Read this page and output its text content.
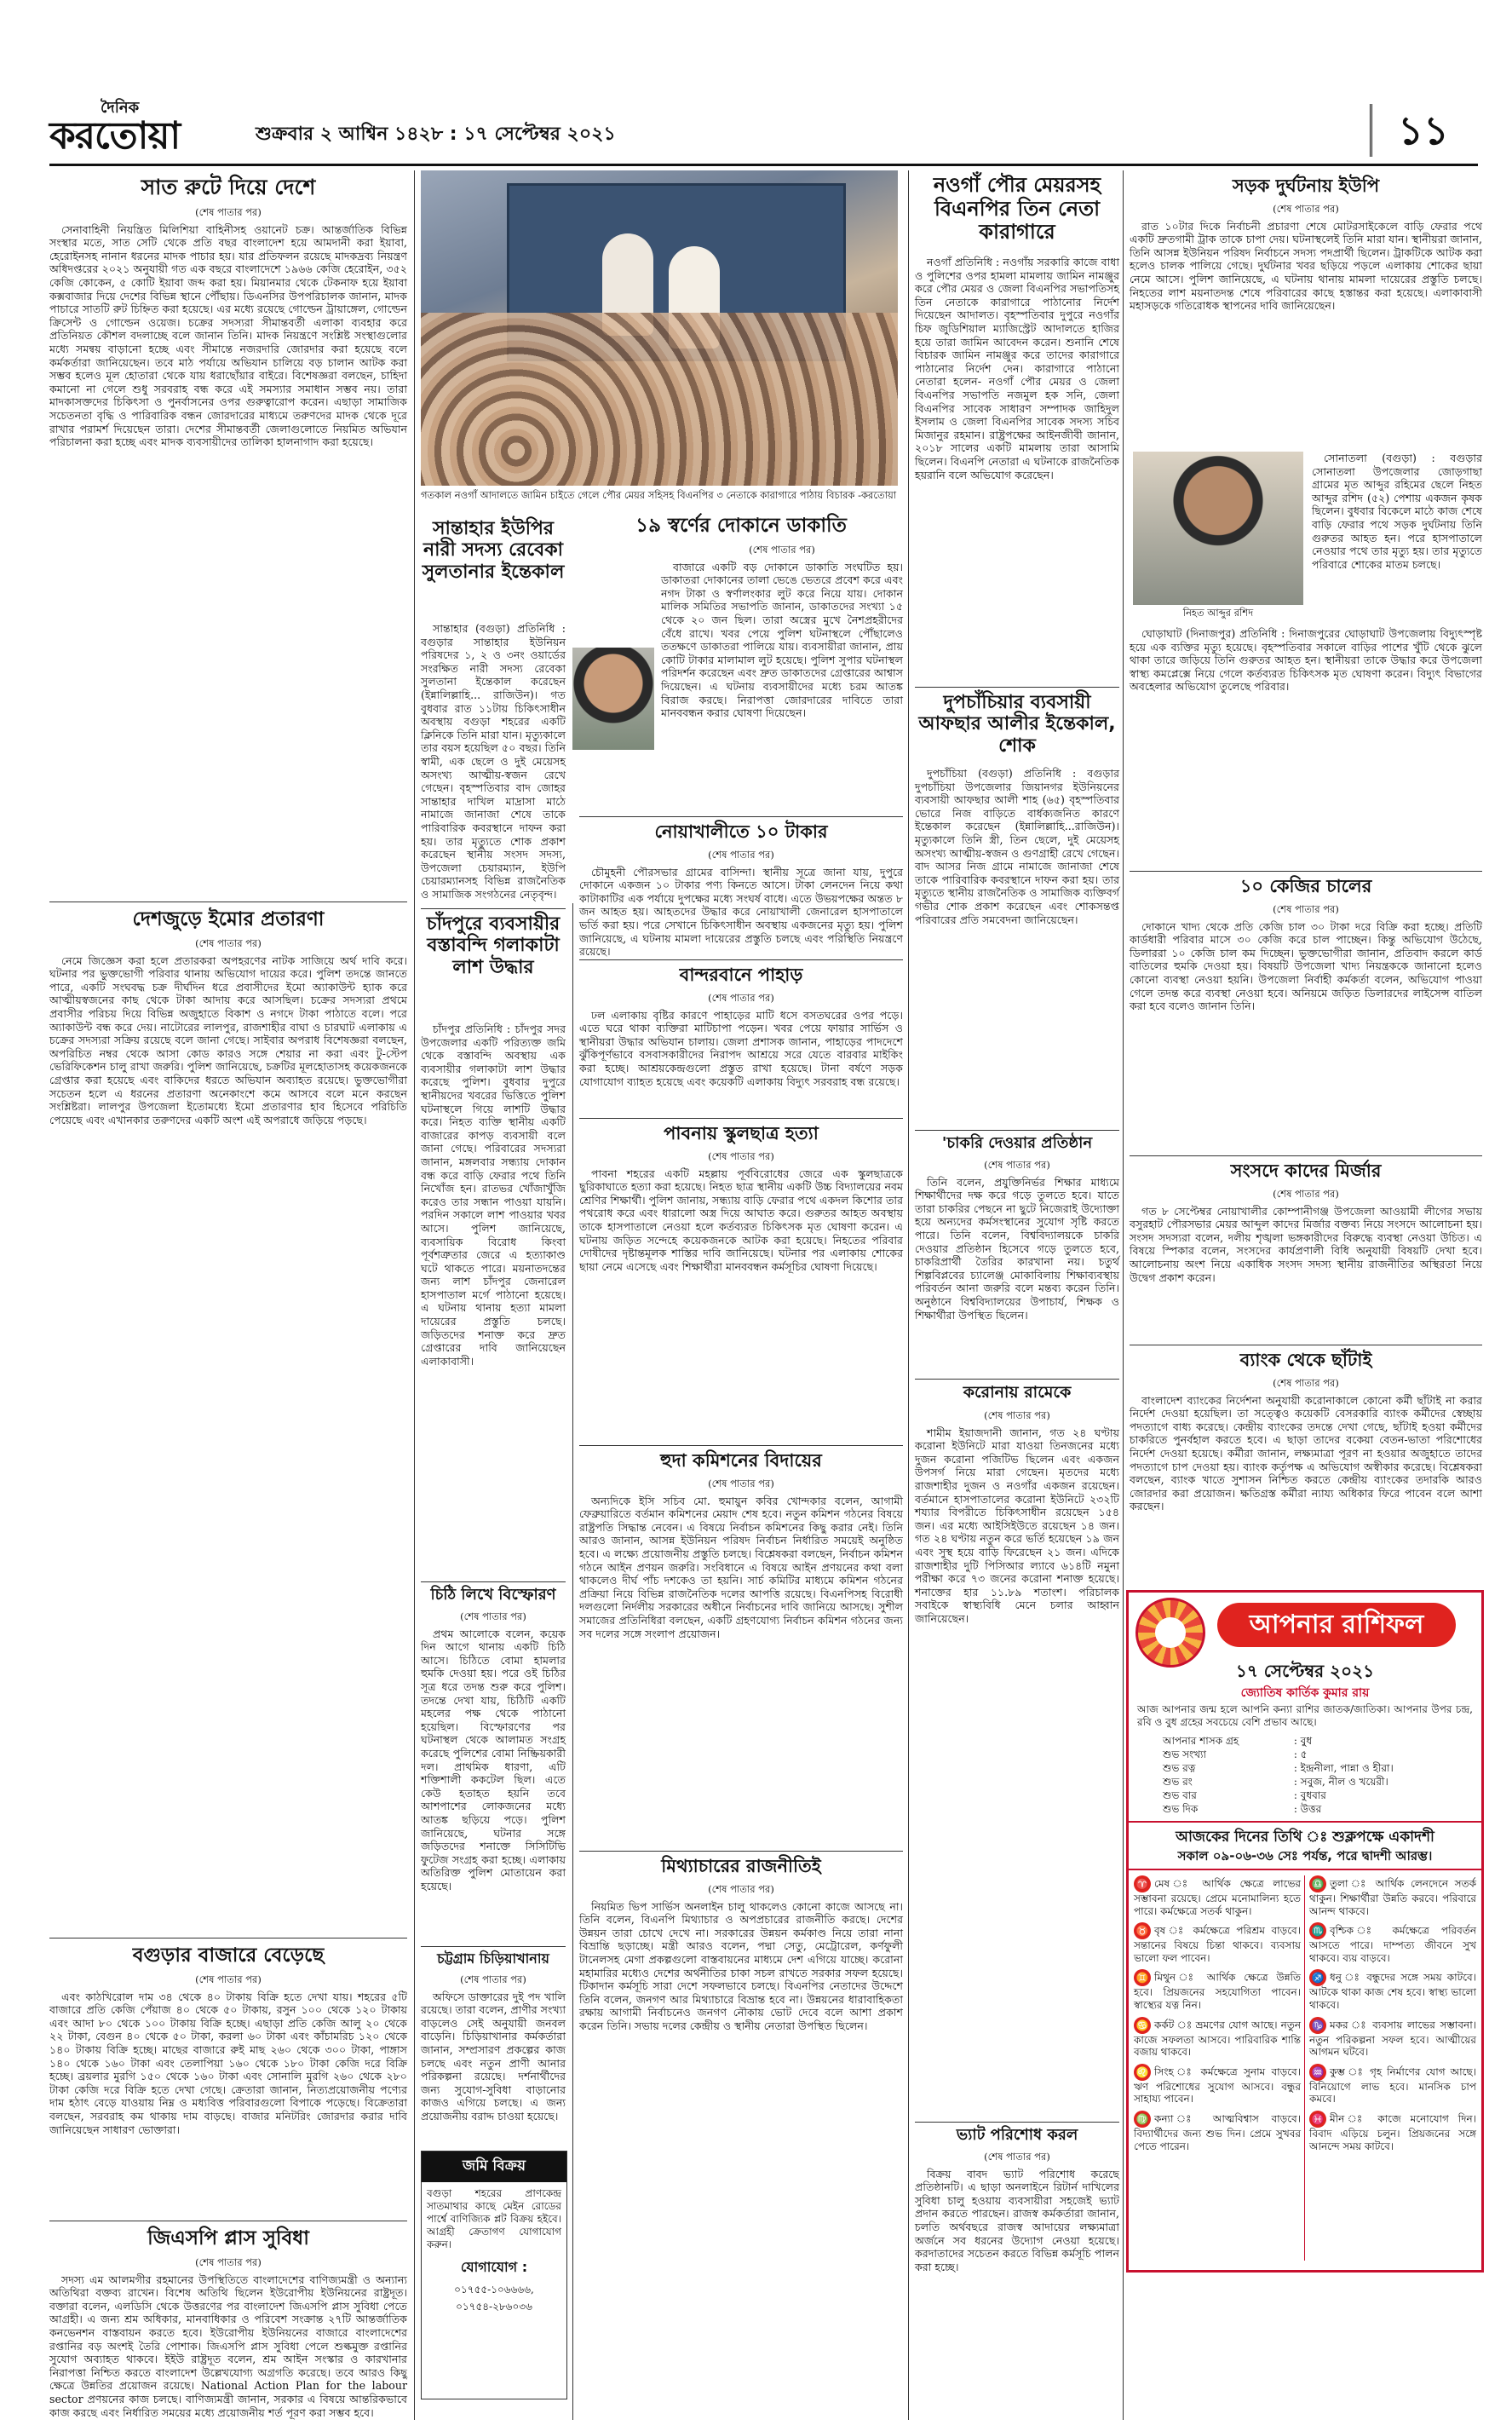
দৈনিক
করতোয়া	শুক্রবার ২ আশ্বিন ১৪২৮ : ১৭ সেপ্টেম্বর ২০২১	১১
সাত রুটে দিয়ে দেশে
(শেষ পাতার পর)

সেনাবাহিনী নিয়ন্ত্রিত মিলিশিয়া বাহিনীসহ ওয়ানেট চক্র। আন্তর্জাতিক বিভিন্ন সংস্থার মতে, সাত সেটি থেকে প্রতি বছর বাংলাদেশ হয়ে আমদানী করা ইয়াবা, হেরোইনসহ নানান ধরনের মাদক পাচার হয়। যার প্রতিফলন রয়েছে মাদকদ্রব্য নিয়ন্ত্রণ অধিদপ্তরের ২০২১ অনুযায়ী গত এক বছরে বাংলাদেশে ১৯৬৬ কেজি হেরোইন, ৩৫২ কেজি কোকেন, ৫ কোটি ইয়াবা জব্দ করা হয়। মিয়ানমার থেকে টেকনাফ হয়ে ইয়াবা কক্সবাজার দিয়ে দেশের বিভিন্ন স্থানে পৌঁছায়। ডিএনসির উপপরিচালক জানান, মাদক পাচারে সাতটি রুট চিহ্নিত করা হয়েছে। এর মধ্যে রয়েছে গোল্ডেন ট্রায়াঙ্গেল, গোল্ডেন ক্রিসেন্ট ও গোল্ডেন ওয়েজ। চক্রের সদস্যরা সীমান্তবর্তী এলাকা ব্যবহার করে প্রতিনিয়ত কৌশল বদলাচ্ছে বলে জানান তিনি। মাদক নিয়ন্ত্রণে সংশ্লিষ্ট সংস্থাগুলোর মধ্যে সমন্বয় বাড়ানো হচ্ছে এবং সীমান্তে নজরদারি জোরদার করা হয়েছে বলে কর্মকর্তারা জানিয়েছেন। তবে মাঠ পর্যায়ে অভিযান চালিয়ে বড় চালান আটক করা সম্ভব হলেও মূল হোতারা থেকে যায় ধরাছোঁয়ার বাইরে। বিশেষজ্ঞরা বলছেন, চাহিদা কমানো না গেলে শুধু সরবরাহ বন্ধ করে এই সমস্যার সমাধান সম্ভব নয়। তারা মাদকাসক্তদের চিকিৎসা ও পুনর্বাসনের ওপর গুরুত্বারোপ করেন। এছাড়া সামাজিক সচেতনতা বৃদ্ধি ও পারিবারিক বন্ধন জোরদারের মাধ্যমে তরুণদের মাদক থেকে দূরে রাখার পরামর্শ দিয়েছেন তারা। দেশের সীমান্তবর্তী জেলাগুলোতে নিয়মিত অভিযান পরিচালনা করা হচ্ছে এবং মাদক ব্যবসায়ীদের তালিকা হালনাগাদ করা হয়েছে।

দেশজুড়ে ইমোর প্রতারণা
(শেষ পাতার পর)

নেমে জিজ্ঞেস করা হলে প্রতারকরা অপহরণের নাটক সাজিয়ে অর্থ দাবি করে। ঘটনার পর ভুক্তভোগী পরিবার থানায় অভিযোগ দায়ের করে। পুলিশ তদন্তে জানতে পারে, একটি সংঘবদ্ধ চক্র দীর্ঘদিন ধরে প্রবাসীদের ইমো অ্যাকাউন্ট হ্যাক করে আত্মীয়স্বজনের কাছ থেকে টাকা আদায় করে আসছিল। চক্রের সদস্যরা প্রথমে প্রবাসীর পরিচয় দিয়ে বিভিন্ন অজুহাতে বিকাশ ও নগদে টাকা পাঠাতে বলে। পরে অ্যাকাউন্ট বন্ধ করে দেয়। নাটোরের লালপুর, রাজশাহীর বাঘা ও চারঘাট এলাকায় এ চক্রের সদস্যরা সক্রিয় রয়েছে বলে জানা গেছে। সাইবার অপরাধ বিশেষজ্ঞরা বলছেন, অপরিচিত নম্বর থেকে আসা কোড কারও সঙ্গে শেয়ার না করা এবং টু-স্টেপ ভেরিফিকেশন চালু রাখা জরুরি। পুলিশ জানিয়েছে, চক্রটির মূলহোতাসহ কয়েকজনকে গ্রেপ্তার করা হয়েছে এবং বাকিদের ধরতে অভিযান অব্যাহত রয়েছে। ভুক্তভোগীরা সচেতন হলে এ ধরনের প্রতারণা অনেকাংশে কমে আসবে বলে মনে করছেন সংশ্লিষ্টরা। লালপুর উপজেলা ইতোমধ্যে ইমো প্রতারণার হাব হিসেবে পরিচিতি পেয়েছে এবং এখানকার তরুণদের একটি অংশ এই অপরাধে জড়িয়ে পড়ছে।

বগুড়ার বাজারে বেড়েছে
(শেষ পাতার পর)

এবং কাঠখিরোল দাম ৩৪ থেকে ৪০ টাকায় বিক্রি হতে দেখা যায়। শহরের ৫টি বাজারে প্রতি কেজি পেঁয়াজ ৪০ থেকে ৫০ টাকায়, রসুন ১০০ থেকে ১২০ টাকায় এবং আদা ৮০ থেকে ১০০ টাকায় বিক্রি হচ্ছে। এছাড়া প্রতি কেজি আলু ২০ থেকে ২২ টাকা, বেগুন ৪০ থেকে ৫০ টাকা, করলা ৬০ টাকা এবং কাঁচামরিচ ১২০ থেকে ১৪০ টাকায় বিক্রি হচ্ছে। মাছের বাজারে রুই মাছ ২৬০ থেকে ৩০০ টাকা, পাঙ্গাস ১৪০ থেকে ১৬০ টাকা এবং তেলাপিয়া ১৬০ থেকে ১৮০ টাকা কেজি দরে বিক্রি হচ্ছে। ব্রয়লার মুরগি ১৫০ থেকে ১৬০ টাকা এবং সোনালি মুরগি ২৬০ থেকে ২৮০ টাকা কেজি দরে বিক্রি হতে দেখা গেছে। ক্রেতারা জানান, নিত্যপ্রয়োজনীয় পণ্যের দাম হঠাৎ বেড়ে যাওয়ায় নিম্ন ও মধ্যবিত্ত পরিবারগুলো বিপাকে পড়েছে। বিক্রেতারা বলছেন, সরবরাহ কম থাকায় দাম বাড়ছে। বাজার মনিটরিং জোরদার করার দাবি জানিয়েছেন সাধারণ ভোক্তারা।

জিএসপি প্লাস সুবিধা
(শেষ পাতার পর)

সদস্য এম আলমগীর রহমানের উপস্থিতিতে বাংলাদেশের বাণিজ্যমন্ত্রী ও অন্যান্য অতিথিরা বক্তব্য রাখেন। বিশেষ অতিথি ছিলেন ইউরোপীয় ইউনিয়নের রাষ্ট্রদূত। বক্তারা বলেন, এলডিসি থেকে উত্তরণের পর বাংলাদেশ জিএসপি প্লাস সুবিধা পেতে আগ্রহী। এ জন্য শ্রম অধিকার, মানবাধিকার ও পরিবেশ সংক্রান্ত ২৭টি আন্তর্জাতিক কনভেনশন বাস্তবায়ন করতে হবে। ইউরোপীয় ইউনিয়নের বাজারে বাংলাদেশের রপ্তানির বড় অংশই তৈরি পোশাক। জিএসপি প্লাস সুবিধা পেলে শুল্কমুক্ত রপ্তানির সুযোগ অব্যাহত থাকবে। ইইউ রাষ্ট্রদূত বলেন, শ্রম আইন সংস্কার ও কারখানার নিরাপত্তা নিশ্চিত করতে বাংলাদেশ উল্লেখযোগ্য অগ্রগতি করেছে। তবে আরও কিছু ক্ষেত্রে উন্নতির প্রয়োজন রয়েছে। National Action Plan for the labour sector প্রণয়নের কাজ চলছে। বাণিজ্যমন্ত্রী জানান, সরকার এ বিষয়ে আন্তরিকভাবে কাজ করছে এবং নির্ধারিত সময়ের মধ্যে প্রয়োজনীয় শর্ত পূরণ করা সম্ভব হবে।

গতকাল নওগাঁ আদালতে জামিন চাইতে গেলে পৌর মেয়র সহিসহ বিএনপির ৩ নেতাকে কারাগারে পাঠায় বিচারক -করতোয়া
সান্তাহার ইউপির নারী সদস্য রেবেকা সুলতানার ইন্তেকাল

সান্তাহার (বগুড়া) প্রতিনিধি : বগুড়ার সান্তাহার ইউনিয়ন পরিষদের ১, ২ ও ৩নং ওয়ার্ডের সংরক্ষিত নারী সদস্য রেবেকা সুলতানা ইন্তেকাল করেছেন (ইন্নালিল্লাহি... রাজিউন)। গত বুধবার রাত ১১টায় চিকিৎসাধীন অবস্থায় বগুড়া শহরের একটি ক্লিনিকে তিনি মারা যান। মৃত্যুকালে তার বয়স হয়েছিল ৫০ বছর। তিনি স্বামী, এক ছেলে ও দুই মেয়েসহ অসংখ্য আত্মীয়-স্বজন রেখে গেছেন। বৃহস্পতিবার বাদ জোহর সান্তাহার দাখিল মাদ্রাসা মাঠে নামাজে জানাজা শেষে তাকে পারিবারিক কবরস্থানে দাফন করা হয়। তার মৃত্যুতে শোক প্রকাশ করেছেন স্থানীয় সংসদ সদস্য, উপজেলা চেয়ারম্যান, ইউপি চেয়ারম্যানসহ বিভিন্ন রাজনৈতিক ও সামাজিক সংগঠনের নেতৃবৃন্দ।

চাঁদপুরে ব্যবসায়ীর বস্তাবন্দি গলাকাটা লাশ উদ্ধার

চাঁদপুর প্রতিনিধি : চাঁদপুর সদর উপজেলার একটি পরিত্যক্ত জমি থেকে বস্তাবন্দি অবস্থায় এক ব্যবসায়ীর গলাকাটা লাশ উদ্ধার করেছে পুলিশ। বুধবার দুপুরে স্থানীয়দের খবরের ভিত্তিতে পুলিশ ঘটনাস্থলে গিয়ে লাশটি উদ্ধার করে। নিহত ব্যক্তি স্থানীয় একটি বাজারের কাপড় ব্যবসায়ী বলে জানা গেছে। পরিবারের সদস্যরা জানান, মঙ্গলবার সন্ধ্যায় দোকান বন্ধ করে বাড়ি ফেরার পথে তিনি নিখোঁজ হন। রাতভর খোঁজাখুঁজি করেও তার সন্ধান পাওয়া যায়নি। পরদিন সকালে লাশ পাওয়ার খবর আসে। পুলিশ জানিয়েছে, ব্যবসায়িক বিরোধ কিংবা পূর্বশত্রুতার জেরে এ হত্যাকাণ্ড ঘটে থাকতে পারে। ময়নাতদন্তের জন্য লাশ চাঁদপুর জেনারেল হাসপাতাল মর্গে পাঠানো হয়েছে। এ ঘটনায় থানায় হত্যা মামলা দায়েরের প্রস্তুতি চলছে। জড়িতদের শনাক্ত করে দ্রুত গ্রেপ্তারের দাবি জানিয়েছেন এলাকাবাসী।

চিঠি লিখে বিস্ফোরণ
(শেষ পাতার পর)

প্রথম আলোকে বলেন, কয়েক দিন আগে থানায় একটি চিঠি আসে। চিঠিতে বোমা হামলার হুমকি দেওয়া হয়। পরে ওই চিঠির সূত্র ধরে তদন্ত শুরু করে পুলিশ। তদন্তে দেখা যায়, চিঠিটি একটি মহলের পক্ষ থেকে পাঠানো হয়েছিল। বিস্ফোরণের পর ঘটনাস্থল থেকে আলামত সংগ্রহ করেছে পুলিশের বোমা নিষ্ক্রিয়কারী দল। প্রাথমিক ধারণা, এটি শক্তিশালী ককটেল ছিল। এতে কেউ হতাহত হয়নি তবে আশপাশের লোকজনের মধ্যে আতঙ্ক ছড়িয়ে পড়ে। পুলিশ জানিয়েছে, ঘটনার সঙ্গে জড়িতদের শনাক্তে সিসিটিভি ফুটেজ সংগ্রহ করা হচ্ছে। এলাকায় অতিরিক্ত পুলিশ মোতায়েন করা হয়েছে।

চট্টগ্রাম চিড়িয়াখানায়
(শেষ পাতার পর)

অফিসে ডাক্তারের দুই পদ খালি রয়েছে। তারা বলেন, প্রাণীর সংখ্যা বাড়লেও সেই অনুযায়ী জনবল বাড়েনি। চিড়িয়াখানার কর্মকর্তারা জানান, সম্প্রসারণ প্রকল্পের কাজ চলছে এবং নতুন প্রাণী আনার পরিকল্পনা রয়েছে। দর্শনার্থীদের জন্য সুযোগ-সুবিধা বাড়ানোর কাজও এগিয়ে চলছে। এ জন্য প্রয়োজনীয় বরাদ্দ চাওয়া হয়েছে।

জমি বিক্রয়
বগুড়া শহরের প্রাণকেন্দ্র সাতমাথার কাছে মেইন রোডের পার্শ্বে বাণিজ্যিক প্লট বিক্রয় হইবে। আগ্রহী ক্রেতাগণ যোগাযোগ করুন।
যোগাযোগ :
০১৭৫৫-১০৬৬৬৬, ০১৭৫৪-২৮৬০৩৬
১৯ স্বর্ণের দোকানে ডাকাতি
(শেষ পাতার পর)

বাজারে একটি বড় দোকানে ডাকাতি সংঘটিত হয়। ডাকাতরা দোকানের তালা ভেঙে ভেতরে প্রবেশ করে এবং নগদ টাকা ও স্বর্ণালংকার লুট করে নিয়ে যায়। দোকান মালিক সমিতির সভাপতি জানান, ডাকাতদের সংখ্যা ১৫ থেকে ২০ জন ছিল। তারা অস্ত্রের মুখে নৈশপ্রহরীদের বেঁধে রাখে। খবর পেয়ে পুলিশ ঘটনাস্থলে পৌঁছালেও ততক্ষণে ডাকাতরা পালিয়ে যায়। ব্যবসায়ীরা জানান, প্রায় কোটি টাকার মালামাল লুট হয়েছে। পুলিশ সুপার ঘটনাস্থল পরিদর্শন করেছেন এবং দ্রুত ডাকাতদের গ্রেপ্তারের আশ্বাস দিয়েছেন। এ ঘটনায় ব্যবসায়ীদের মধ্যে চরম আতঙ্ক বিরাজ করছে। নিরাপত্তা জোরদারের দাবিতে তারা মানববন্ধন করার ঘোষণা দিয়েছেন।

নোয়াখালীতে ১০ টাকার
(শেষ পাতার পর)

চৌমুহনী পৌরসভার গ্রামের বাসিন্দা। স্থানীয় সূত্রে জানা যায়, দুপুরে দোকানে একজন ১০ টাকার পণ্য কিনতে আসে। টাকা লেনদেন নিয়ে কথা কাটাকাটির এক পর্যায়ে দুপক্ষের মধ্যে সংঘর্ষ বাধে। এতে উভয়পক্ষের অন্তত ৮ জন আহত হয়। আহতদের উদ্ধার করে নোয়াখালী জেনারেল হাসপাতালে ভর্তি করা হয়। পরে সেখানে চিকিৎসাধীন অবস্থায় একজনের মৃত্যু হয়। পুলিশ জানিয়েছে, এ ঘটনায় মামলা দায়েরের প্রস্তুতি চলছে এবং পরিস্থিতি নিয়ন্ত্রণে রয়েছে।

বান্দরবানে পাহাড়
(শেষ পাতার পর)

ঢল এলাকায় বৃষ্টির কারণে পাহাড়ের মাটি ধসে বসতঘরের ওপর পড়ে। এতে ঘরে থাকা ব্যক্তিরা মাটিচাপা পড়েন। খবর পেয়ে ফায়ার সার্ভিস ও স্থানীয়রা উদ্ধার অভিযান চালায়। জেলা প্রশাসক জানান, পাহাড়ের পাদদেশে ঝুঁকিপূর্ণভাবে বসবাসকারীদের নিরাপদ আশ্রয়ে সরে যেতে বারবার মাইকিং করা হচ্ছে। আশ্রয়কেন্দ্রগুলো প্রস্তুত রাখা হয়েছে। টানা বর্ষণে সড়ক যোগাযোগ ব্যাহত হয়েছে এবং কয়েকটি এলাকায় বিদ্যুৎ সরবরাহ বন্ধ রয়েছে।

পাবনায় স্কুলছাত্র হত্যা
(শেষ পাতার পর)

পাবনা শহরের একটি মহল্লায় পূর্ববিরোধের জেরে এক স্কুলছাত্রকে ছুরিকাঘাতে হত্যা করা হয়েছে। নিহত ছাত্র স্থানীয় একটি উচ্চ বিদ্যালয়ের নবম শ্রেণির শিক্ষার্থী। পুলিশ জানায়, সন্ধ্যায় বাড়ি ফেরার পথে একদল কিশোর তার পথরোধ করে এবং ধারালো অস্ত্র দিয়ে আঘাত করে। গুরুতর আহত অবস্থায় তাকে হাসপাতালে নেওয়া হলে কর্তব্যরত চিকিৎসক মৃত ঘোষণা করেন। এ ঘটনায় জড়িত সন্দেহে কয়েকজনকে আটক করা হয়েছে। নিহতের পরিবার দোষীদের দৃষ্টান্তমূলক শাস্তির দাবি জানিয়েছে। ঘটনার পর এলাকায় শোকের ছায়া নেমে এসেছে এবং শিক্ষার্থীরা মানববন্ধন কর্মসূচির ঘোষণা দিয়েছে।

হুদা কমিশনের বিদায়ের
(শেষ পাতার পর)

অন্যদিকে ইসি সচিব মো. হুমায়ুন কবির খোন্দকার বলেন, আগামী ফেব্রুয়ারিতে বর্তমান কমিশনের মেয়াদ শেষ হবে। নতুন কমিশন গঠনের বিষয়ে রাষ্ট্রপতি সিদ্ধান্ত নেবেন। এ বিষয়ে নির্বাচন কমিশনের কিছু করার নেই। তিনি আরও জানান, আসন্ন ইউনিয়ন পরিষদ নির্বাচন নির্ধারিত সময়েই অনুষ্ঠিত হবে। এ লক্ষ্যে প্রয়োজনীয় প্রস্তুতি চলছে। বিশ্লেষকরা বলছেন, নির্বাচন কমিশন গঠনে আইন প্রণয়ন জরুরি। সংবিধানে এ বিষয়ে আইন প্রণয়নের কথা বলা থাকলেও দীর্ঘ পাঁচ দশকেও তা হয়নি। সার্চ কমিটির মাধ্যমে কমিশন গঠনের প্রক্রিয়া নিয়ে বিভিন্ন রাজনৈতিক দলের আপত্তি রয়েছে। বিএনপিসহ বিরোধী দলগুলো নির্দলীয় সরকারের অধীনে নির্বাচনের দাবি জানিয়ে আসছে। সুশীল সমাজের প্রতিনিধিরা বলছেন, একটি গ্রহণযোগ্য নির্বাচন কমিশন গঠনের জন্য সব দলের সঙ্গে সংলাপ প্রয়োজন।

মিথ্যাচারের রাজনীতিই
(শেষ পাতার পর)

নিয়মিত ভিপ সার্ভিস অনলাইন চালু থাকলেও কোনো কাজে আসছে না। তিনি বলেন, বিএনপি মিথ্যাচার ও অপপ্রচারের রাজনীতি করছে। দেশের উন্নয়ন তারা চোখে দেখে না। সরকারের উন্নয়ন কর্মকাণ্ড নিয়ে তারা নানা বিভ্রান্তি ছড়াচ্ছে। মন্ত্রী আরও বলেন, পদ্মা সেতু, মেট্রোরেল, কর্ণফুলী টানেলসহ মেগা প্রকল্পগুলো বাস্তবায়নের মাধ্যমে দেশ এগিয়ে যাচ্ছে। করোনা মহামারির মধ্যেও দেশের অর্থনীতির চাকা সচল রাখতে সরকার সফল হয়েছে। টিকাদান কর্মসূচি সারা দেশে সফলভাবে চলছে। বিএনপির নেতাদের উদ্দেশে তিনি বলেন, জনগণ আর মিথ্যাচারে বিভ্রান্ত হবে না। উন্নয়নের ধারাবাহিকতা রক্ষায় আগামী নির্বাচনেও জনগণ নৌকায় ভোট দেবে বলে আশা প্রকাশ করেন তিনি। সভায় দলের কেন্দ্রীয় ও স্থানীয় নেতারা উপস্থিত ছিলেন।

নওগাঁ পৌর মেয়রসহ বিএনপির তিন নেতা কারাগারে

নওগাঁ প্রতিনিধি : নওগাঁয় সরকারি কাজে বাধা ও পুলিশের ওপর হামলা মামলায় জামিন নামঞ্জুর করে পৌর মেয়র ও জেলা বিএনপির সভাপতিসহ তিন নেতাকে কারাগারে পাঠানোর নির্দেশ দিয়েছেন আদালত। বৃহস্পতিবার দুপুরে নওগাঁর চিফ জুডিশিয়াল ম্যাজিস্ট্রেট আদালতে হাজির হয়ে তারা জামিন আবেদন করেন। শুনানি শেষে বিচারক জামিন নামঞ্জুর করে তাদের কারাগারে পাঠানোর নির্দেশ দেন। কারাগারে পাঠানো নেতারা হলেন- নওগাঁ পৌর মেয়র ও জেলা বিএনপির সভাপতি নজমুল হক সনি, জেলা বিএনপির সাবেক সাধারণ সম্পাদক জাহিদুল ইসলাম ও জেলা বিএনপির সাবেক সদস্য সচিব মিজানুর রহমান। রাষ্ট্রপক্ষের আইনজীবী জানান, ২০১৮ সালের একটি মামলায় তারা আসামি ছিলেন। বিএনপি নেতারা এ ঘটনাকে রাজনৈতিক হয়রানি বলে অভিযোগ করেছেন।

দুপচাঁচিয়ার ব্যবসায়ী আফছার আলীর ইন্তেকাল, শোক

দুপচাঁচিয়া (বগুড়া) প্রতিনিধি : বগুড়ার দুপচাঁচিয়া উপজেলার জিয়ানগর ইউনিয়নের ব্যবসায়ী আফছার আলী শাহ (৬৫) বৃহস্পতিবার ভোরে নিজ বাড়িতে বার্ধক্যজনিত কারণে ইন্তেকাল করেছেন (ইন্নালিল্লাহি...রাজিউন)। মৃত্যুকালে তিনি স্ত্রী, তিন ছেলে, দুই মেয়েসহ অসংখ্য আত্মীয়-স্বজন ও গুণগ্রাহী রেখে গেছেন। বাদ আসর নিজ গ্রামে নামাজে জানাজা শেষে তাকে পারিবারিক কবরস্থানে দাফন করা হয়। তার মৃত্যুতে স্থানীয় রাজনৈতিক ও সামাজিক ব্যক্তিবর্গ গভীর শোক প্রকাশ করেছেন এবং শোকসন্তপ্ত পরিবারের প্রতি সমবেদনা জানিয়েছেন।

'চাকরি দেওয়ার প্রতিষ্ঠান
(শেষ পাতার পর)

তিনি বলেন, প্রযুক্তিনির্ভর শিক্ষার মাধ্যমে শিক্ষার্থীদের দক্ষ করে গড়ে তুলতে হবে। যাতে তারা চাকরির পেছনে না ছুটে নিজেরাই উদ্যোক্তা হয়ে অন্যদের কর্মসংস্থানের সুযোগ সৃষ্টি করতে পারে। তিনি বলেন, বিশ্ববিদ্যালয়কে চাকরি দেওয়ার প্রতিষ্ঠান হিসেবে গড়ে তুলতে হবে, চাকরিপ্রার্থী তৈরির কারখানা নয়। চতুর্থ শিল্পবিপ্লবের চ্যালেঞ্জ মোকাবিলায় শিক্ষাব্যবস্থায় পরিবর্তন আনা জরুরি বলে মন্তব্য করেন তিনি। অনুষ্ঠানে বিশ্ববিদ্যালয়ের উপাচার্য, শিক্ষক ও শিক্ষার্থীরা উপস্থিত ছিলেন।

করোনায় রামেকে
(শেষ পাতার পর)

শামীম ইয়াজদানী জানান, গত ২৪ ঘণ্টায় করোনা ইউনিটে মারা যাওয়া তিনজনের মধ্যে দুজন করোনা পজিটিভ ছিলেন এবং একজন উপসর্গ নিয়ে মারা গেছেন। মৃতদের মধ্যে রাজশাহীর দুজন ও নওগাঁর একজন রয়েছেন। বর্তমানে হাসপাতালের করোনা ইউনিটে ২৩২টি শয্যার বিপরীতে চিকিৎসাধীন রয়েছেন ১৫৪ জন। এর মধ্যে আইসিইউতে রয়েছেন ১৪ জন। গত ২৪ ঘণ্টায় নতুন করে ভর্তি হয়েছেন ১৯ জন এবং সুস্থ হয়ে বাড়ি ফিরেছেন ২১ জন। এদিকে রাজশাহীর দুটি পিসিআর ল্যাবে ৬১৪টি নমুনা পরীক্ষা করে ৭৩ জনের করোনা শনাক্ত হয়েছে। শনাক্তের হার ১১.৮৯ শতাংশ। পরিচালক সবাইকে স্বাস্থ্যবিধি মেনে চলার আহ্বান জানিয়েছেন।

ভ্যাট পরিশোধ করল
(শেষ পাতার পর)

বিক্রয় বাবদ ভ্যাট পরিশোধ করেছে প্রতিষ্ঠানটি। এ ছাড়া অনলাইনে রিটার্ন দাখিলের সুবিধা চালু হওয়ায় ব্যবসায়ীরা সহজেই ভ্যাট প্রদান করতে পারছেন। রাজস্ব কর্মকর্তারা জানান, চলতি অর্থবছরে রাজস্ব আদায়ের লক্ষ্যমাত্রা অর্জনে সব ধরনের উদ্যোগ নেওয়া হয়েছে। করদাতাদের সচেতন করতে বিভিন্ন কর্মসূচি পালন করা হচ্ছে।

সড়ক দুর্ঘটনায় ইউপি
(শেষ পাতার পর)

রাত ১০টার দিকে নির্বাচনী প্রচারণা শেষে মোটরসাইকেলে বাড়ি ফেরার পথে একটি দ্রুতগামী ট্রাক তাকে চাপা দেয়। ঘটনাস্থলেই তিনি মারা যান। স্থানীয়রা জানান, তিনি আসন্ন ইউনিয়ন পরিষদ নির্বাচনে সদস্য পদপ্রার্থী ছিলেন। ট্রাকটিকে আটক করা হলেও চালক পালিয়ে গেছে। দুর্ঘটনার খবর ছড়িয়ে পড়লে এলাকায় শোকের ছায়া নেমে আসে। পুলিশ জানিয়েছে, এ ঘটনায় থানায় মামলা দায়েরের প্রস্তুতি চলছে। নিহতের লাশ ময়নাতদন্ত শেষে পরিবারের কাছে হস্তান্তর করা হয়েছে। এলাকাবাসী মহাসড়কে গতিরোধক স্থাপনের দাবি জানিয়েছেন।

সোনাতলা (বগুড়া) : বগুড়ার সোনাতলা উপজেলার জোড়গাছা গ্রামের মৃত আব্দুর রহিমের ছেলে নিহত আব্দুর রশিদ (৫২) পেশায় একজন কৃষক ছিলেন। বুধবার বিকেলে মাঠে কাজ শেষে বাড়ি ফেরার পথে সড়ক দুর্ঘটনায় তিনি গুরুতর আহত হন। পরে হাসপাতালে নেওয়ার পথে তার মৃত্যু হয়। তার মৃত্যুতে পরিবারে শোকের মাতম চলছে।

নিহত আব্দুর রশিদ

ঘোড়াঘাট (দিনাজপুর) প্রতিনিধি : দিনাজপুরের ঘোড়াঘাট উপজেলায় বিদ্যুৎস্পৃষ্ট হয়ে এক ব্যক্তির মৃত্যু হয়েছে। বৃহস্পতিবার সকালে বাড়ির পাশের খুঁটি থেকে ঝুলে থাকা তারে জড়িয়ে তিনি গুরুতর আহত হন। স্থানীয়রা তাকে উদ্ধার করে উপজেলা স্বাস্থ্য কমপ্লেক্সে নিয়ে গেলে কর্তব্যরত চিকিৎসক মৃত ঘোষণা করেন। বিদ্যুৎ বিভাগের অবহেলার অভিযোগ তুলেছে পরিবার।

১০ কেজির চালের
(শেষ পাতার পর)

দোকানে খাদ্য থেকে প্রতি কেজি চাল ৩০ টাকা দরে বিক্রি করা হচ্ছে। প্রতিটি কার্ডধারী পরিবার মাসে ৩০ কেজি করে চাল পাচ্ছেন। কিন্তু অভিযোগ উঠেছে, ডিলাররা ১০ কেজি চাল কম দিচ্ছেন। ভুক্তভোগীরা জানান, প্রতিবাদ করলে কার্ড বাতিলের হুমকি দেওয়া হয়। বিষয়টি উপজেলা খাদ্য নিয়ন্ত্রককে জানানো হলেও কোনো ব্যবস্থা নেওয়া হয়নি। উপজেলা নির্বাহী কর্মকর্তা বলেন, অভিযোগ পাওয়া গেলে তদন্ত করে ব্যবস্থা নেওয়া হবে। অনিয়মে জড়িত ডিলারদের লাইসেন্স বাতিল করা হবে বলেও জানান তিনি।

সংসদে কাদের মির্জার
(শেষ পাতার পর)

গত ৮ সেপ্টেম্বর নোয়াখালীর কোম্পানীগঞ্জ উপজেলা আওয়ামী লীগের সভায় বসুরহাট পৌরসভার মেয়র আব্দুল কাদের মির্জার বক্তব্য নিয়ে সংসদে আলোচনা হয়। সংসদ সদস্যরা বলেন, দলীয় শৃঙ্খলা ভঙ্গকারীদের বিরুদ্ধে ব্যবস্থা নেওয়া উচিত। এ বিষয়ে স্পিকার বলেন, সংসদের কার্যপ্রণালী বিধি অনুযায়ী বিষয়টি দেখা হবে। আলোচনায় অংশ নিয়ে একাধিক সংসদ সদস্য স্থানীয় রাজনীতির অস্থিরতা নিয়ে উদ্বেগ প্রকাশ করেন।

ব্যাংক থেকে ছাঁটাই
(শেষ পাতার পর)

বাংলাদেশ ব্যাংকের নির্দেশনা অনুযায়ী করোনাকালে কোনো কর্মী ছাঁটাই না করার নির্দেশ দেওয়া হয়েছিল। তা সত্ত্বেও কয়েকটি বেসরকারি ব্যাংক কর্মীদের স্বেচ্ছায় পদত্যাগে বাধ্য করেছে। কেন্দ্রীয় ব্যাংকের তদন্তে দেখা গেছে, ছাঁটাই হওয়া কর্মীদের চাকরিতে পুনর্বহাল করতে হবে। এ ছাড়া তাদের বকেয়া বেতন-ভাতা পরিশোধের নির্দেশ দেওয়া হয়েছে। কর্মীরা জানান, লক্ষ্যমাত্রা পূরণ না হওয়ার অজুহাতে তাদের পদত্যাগে চাপ দেওয়া হয়। ব্যাংক কর্তৃপক্ষ এ অভিযোগ অস্বীকার করেছে। বিশ্লেষকরা বলছেন, ব্যাংক খাতে সুশাসন নিশ্চিত করতে কেন্দ্রীয় ব্যাংকের তদারকি আরও জোরদার করা প্রয়োজন। ক্ষতিগ্রস্ত কর্মীরা ন্যায্য অধিকার ফিরে পাবেন বলে আশা করছেন।

আপনার রাশিফল
১৭ সেপ্টেম্বর ২০২১
জ্যোতিষ কার্তিক কুমার রায়
আজ আপনার জন্ম হলে আপনি কন্যা রাশির জাতক/জাতিকা। আপনার উপর চন্দ্র, রবি ও বুধ গ্রহের সবচেয়ে বেশি প্রভাব আছে।
আপনার শাসক গ্রহ	: বুধ
শুভ সংখ্যা	: ৫
শুভ রত্ন	: ইন্দ্রনীলা, পান্না ও হীরা।
শুভ রং	: সবুজ, নীল ও খয়েরী।
শুভ বার	: বুধবার
শুভ দিক	: উত্তর
আজকের দিনের তিথি ঃ শুক্লপক্ষে একাদশী
সকাল ০৯-০৬-৩৬ সেঃ পর্যন্ত, পরে দ্বাদশী আরম্ভ।
♈ মেষ ঃ আর্থিক ক্ষেত্রে লাভের সম্ভাবনা রয়েছে। প্রেমে মনোমালিন্য হতে পারে। কর্মক্ষেত্রে সতর্ক থাকুন।
♉ বৃষ ঃ কর্মক্ষেত্রে পরিশ্রম বাড়বে। সন্তানের বিষয়ে চিন্তা থাকবে। ব্যবসায় ভালো ফল পাবেন।
♊ মিথুন ঃ আর্থিক ক্ষেত্রে উন্নতি হবে। প্রিয়জনের সহযোগিতা পাবেন। স্বাস্থ্যের যত্ন নিন।
♋ কর্কট ঃ ভ্রমণের যোগ আছে। নতুন কাজে সফলতা আসবে। পারিবারিক শান্তি বজায় থাকবে।
♌ সিংহ ঃ কর্মক্ষেত্রে সুনাম বাড়বে। ঋণ পরিশোধের সুযোগ আসবে। বন্ধুর সাহায্য পাবেন।
♍ কন্যা ঃ আত্মবিশ্বাস বাড়বে। বিদ্যার্থীদের জন্য শুভ দিন। প্রেমে সুখবর পেতে পারেন।
♎ তুলা ঃ আর্থিক লেনদেনে সতর্ক থাকুন। শিক্ষার্থীরা উন্নতি করবে। পরিবারে আনন্দ থাকবে।
♏ বৃশ্চিক ঃ কর্মক্ষেত্রে পরিবর্তন আসতে পারে। দাম্পত্য জীবনে সুখ থাকবে। ব্যয় বাড়বে।
♐ ধনু ঃ বন্ধুদের সঙ্গে সময় কাটবে। আটকে থাকা কাজ শেষ হবে। স্বাস্থ্য ভালো থাকবে।
♑ মকর ঃ ব্যবসায় লাভের সম্ভাবনা। নতুন পরিকল্পনা সফল হবে। আত্মীয়ের আগমন ঘটবে।
♒ কুম্ভ ঃ গৃহ নির্মাণের যোগ আছে। বিনিয়োগে লাভ হবে। মানসিক চাপ কমবে।
♓ মীন ঃ কাজে মনোযোগ দিন। বিবাদ এড়িয়ে চলুন। প্রিয়জনের সঙ্গে আনন্দে সময় কাটবে।
